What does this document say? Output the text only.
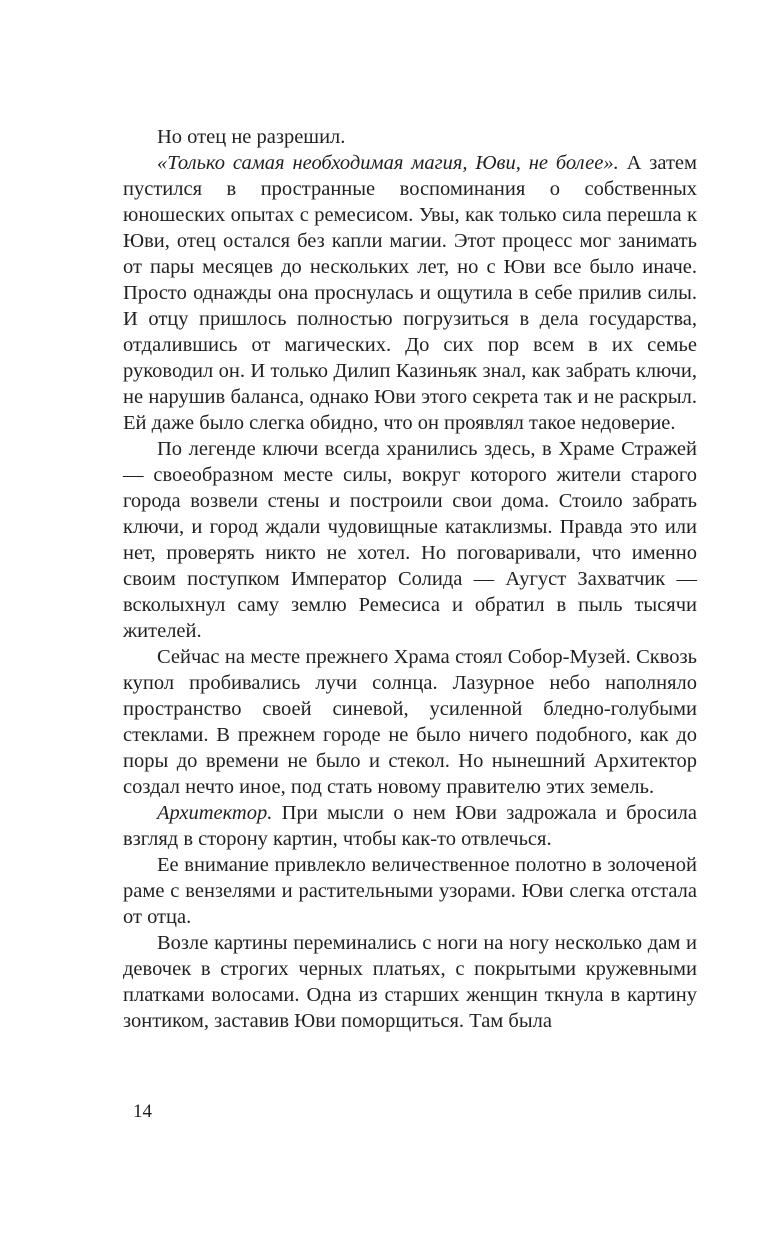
Но отец не разрешил.

«Только самая необходимая магия, Юви, не более». А затем пустился в пространные воспоминания о собственных юношеских опытах с ремесисом. Увы, как только сила перешла к Юви, отец остался без капли магии. Этот процесс мог занимать от пары месяцев до нескольких лет, но с Юви все было иначе. Просто однажды она проснулась и ощутила в себе прилив силы. И отцу пришлось полностью погрузиться в дела государства, отдалившись от магических. До сих пор всем в их семье руководил он. И только Дилип Казиньяк знал, как забрать ключи, не нарушив баланса, однако Юви этого секрета так и не раскрыл. Ей даже было слегка обидно, что он проявлял такое недоверие.

По легенде ключи всегда хранились здесь, в Храме Стражей — своеобразном месте силы, вокруг которого жители старого города возвели стены и построили свои дома. Стоило забрать ключи, и город ждали чудовищные катаклизмы. Правда это или нет, проверять никто не хотел. Но поговаривали, что именно своим поступком Император Солида — Аугуст Захватчик — всколыхнул саму землю Ремесиса и обратил в пыль тысячи жителей.

Сейчас на месте прежнего Храма стоял Собор-Музей. Сквозь купол пробивались лучи солнца. Лазурное небо наполняло пространство своей синевой, усиленной бледно-голубыми стеклами. В прежнем городе не было ничего подобного, как до поры до времени не было и стекол. Но нынешний Архитектор создал нечто иное, под стать новому правителю этих земель.

Архитектор. При мысли о нем Юви задрожала и бросила взгляд в сторону картин, чтобы как-то отвлечься.

Ее внимание привлекло величественное полотно в золоченой раме с вензелями и растительными узорами. Юви слегка отстала от отца.

Возле картины переминались с ноги на ногу несколько дам и девочек в строгих черных платьях, с покрытыми кружевными платками волосами. Одна из старших женщин ткнула в картину зонтиком, заставив Юви поморщиться. Там была

14
